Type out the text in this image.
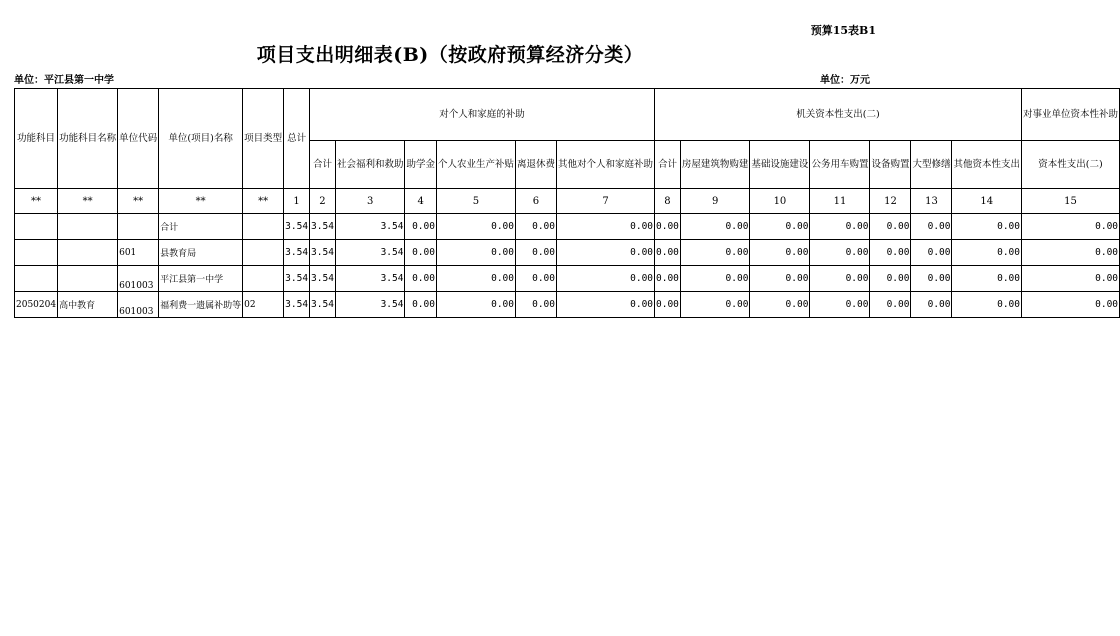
预算15表B1
项目支出明细表(B)（按政府预算经济分类）
单位：平江县第一中学	单位：万元
功能科目	功能科目名称	单位代码	单位(项目)名称	项目类型	总计	对个人和家庭的补助						机关资本性支出(二)							对事业单位资本性补助
						合计	社会福利和救助	助学金	个人农业生产补贴	离退休费	其他对个人和家庭补助	合计	房屋建筑物购建	基础设施建设	公务用车购置	设备购置	大型修缮	其他资本性支出	资本性支出(二)
**	**	**	**	**	1	2	3	4	5	6	7	8	9	10	11	12	13	14	15
			合计		3.54	3.54	3.54	0.00	0.00	0.00	0.00	0.00	0.00	0.00	0.00	0.00	0.00	0.00	0.00
		601	县教育局		3.54	3.54	3.54	0.00	0.00	0.00	0.00	0.00	0.00	0.00	0.00	0.00	0.00	0.00	0.00
		601003	平江县第一中学		3.54	3.54	3.54	0.00	0.00	0.00	0.00	0.00	0.00	0.00	0.00	0.00	0.00	0.00	0.00
2050204	高中教育	601003	福利费一遗属补助等	02	3.54	3.54	3.54	0.00	0.00	0.00	0.00	0.00	0.00	0.00	0.00	0.00	0.00	0.00	0.00
